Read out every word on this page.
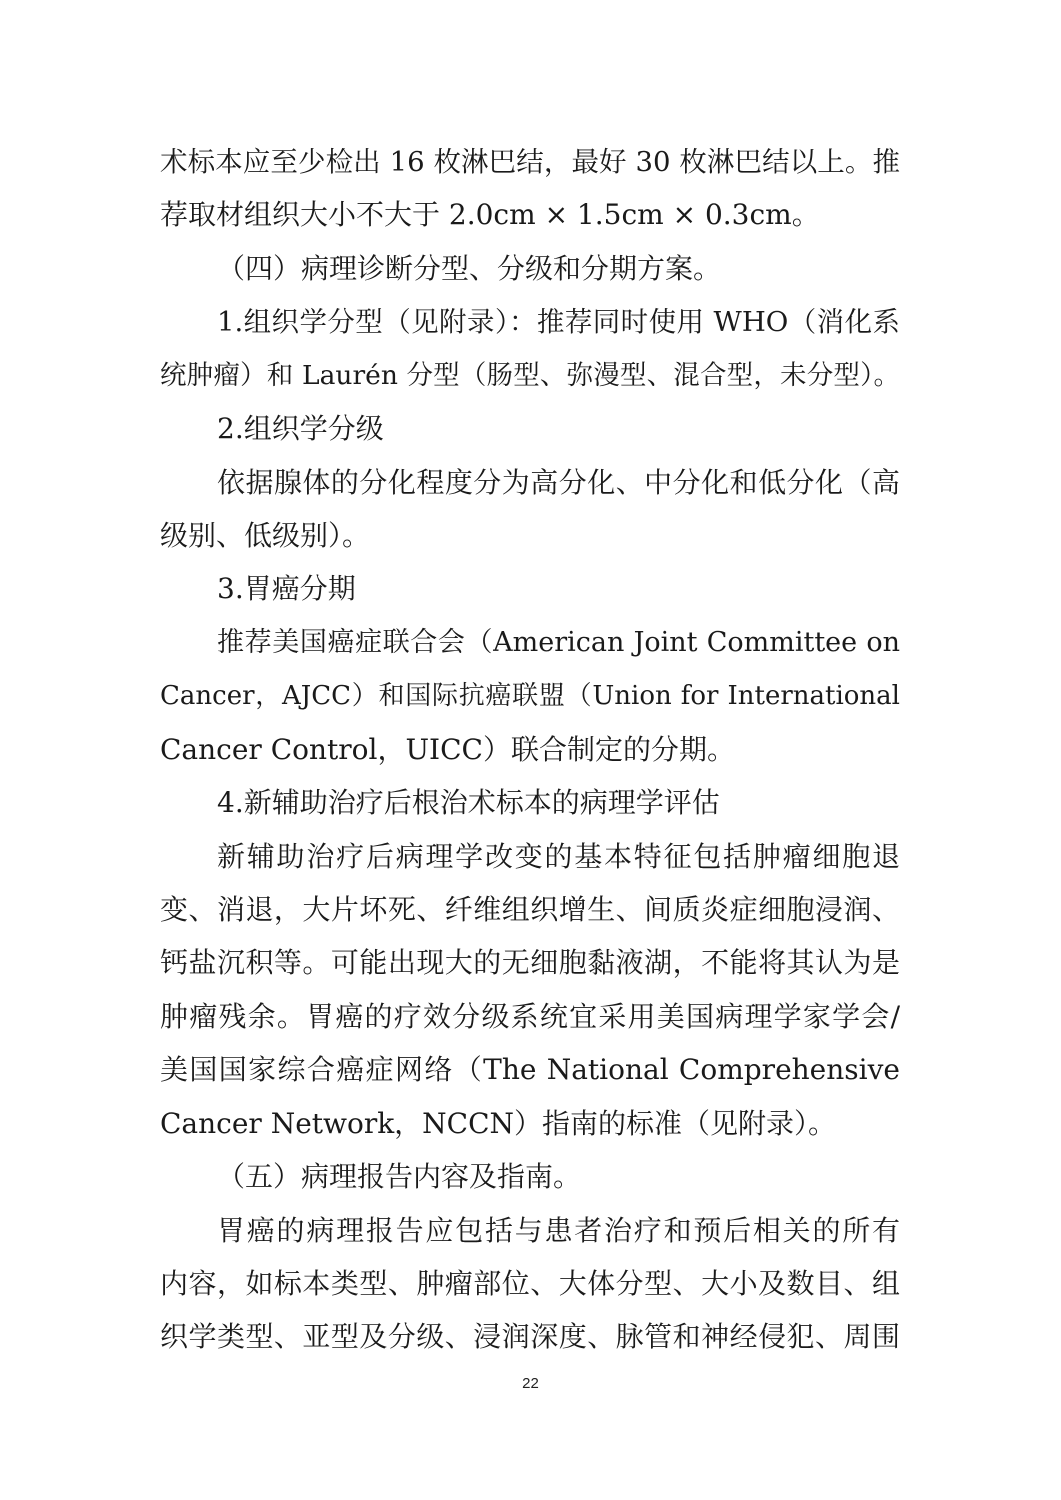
术标本应至少检出 16 枚淋巴结，最好 30 枚淋巴结以上。推
荐取材组织大小不大于 2.0cm × 1.5cm × 0.3cm。
（四）病理诊断分型、分级和分期方案。
1.组织学分型（见附录）：推荐同时使用 WHO（消化系
统肿瘤）和 Laurén 分型（肠型、弥漫型、混合型，未分型）。
2.组织学分级
依据腺体的分化程度分为高分化、中分化和低分化（高
级别、低级别）。
3.胃癌分期
推荐美国癌症联合会（American Joint Committee on
Cancer，AJCC）和国际抗癌联盟（Union for International
Cancer Control，UICC）联合制定的分期。
4.新辅助治疗后根治术标本的病理学评估
新辅助治疗后病理学改变的基本特征包括肿瘤细胞退
变、消退，大片坏死、纤维组织增生、间质炎症细胞浸润、
钙盐沉积等。可能出现大的无细胞黏液湖，不能将其认为是
肿瘤残余。胃癌的疗效分级系统宜采用美国病理学家学会/
美国国家综合癌症网络（The National Comprehensive
Cancer Network，NCCN）指南的标准（见附录）。
（五）病理报告内容及指南。
胃癌的病理报告应包括与患者治疗和预后相关的所有
内容，如标本类型、肿瘤部位、大体分型、大小及数目、组
织学类型、亚型及分级、浸润深度、脉管和神经侵犯、周围
22
